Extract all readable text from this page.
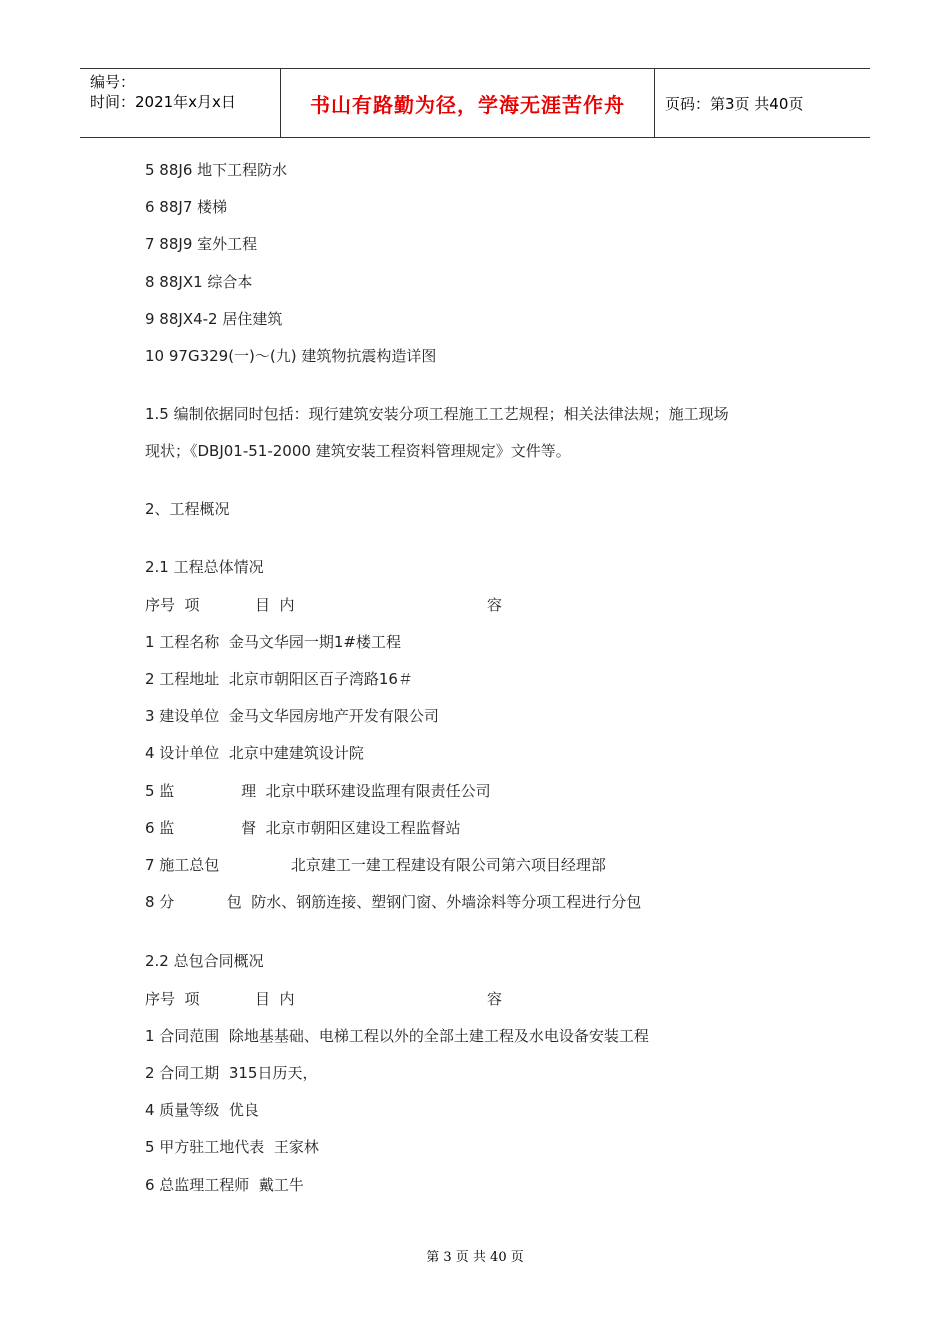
编号：
时间：2021年x月x日	书山有路勤为径，学海无涯苦作舟	页码：第3页 共40页
5 88J6 地下工程防水
6 88J7 楼梯
7 88J9 室外工程
8 88JX1 综合本
9 88JX4-2 居住建筑
10 97G329(一)～(九) 建筑物抗震构造详图
1.5 编制依据同时包括：现行建筑安装分项工程施工工艺规程；相关法律法规；施工现场
现状；《DBJ01-51-2000 建筑安装工程资料管理规定》文件等。
2、工程概况
2.1 工程总体情况
序号  项	目  内	容
1 工程名称  金马文华园一期1#楼工程
2 工程地址  北京市朝阳区百子湾路16＃
3 建设单位  金马文华园房地产开发有限公司
4 设计单位  北京中建建筑设计院
5 监              理  北京中联环建设监理有限责任公司
6 监              督  北京市朝阳区建设工程监督站
7 施工总包               北京建工一建工程建设有限公司第六项目经理部
8 分           包  防水、钢筋连接、塑钢门窗、外墙涂料等分项工程进行分包
2.2 总包合同概况
序号  项	目  内	容
1 合同范围  除地基基础、电梯工程以外的全部土建工程及水电设备安装工程
2 合同工期  315日历天，
4 质量等级  优良
5 甲方驻工地代表  王家林
6 总监理工程师  戴工牛
第 3 页 共 40 页
